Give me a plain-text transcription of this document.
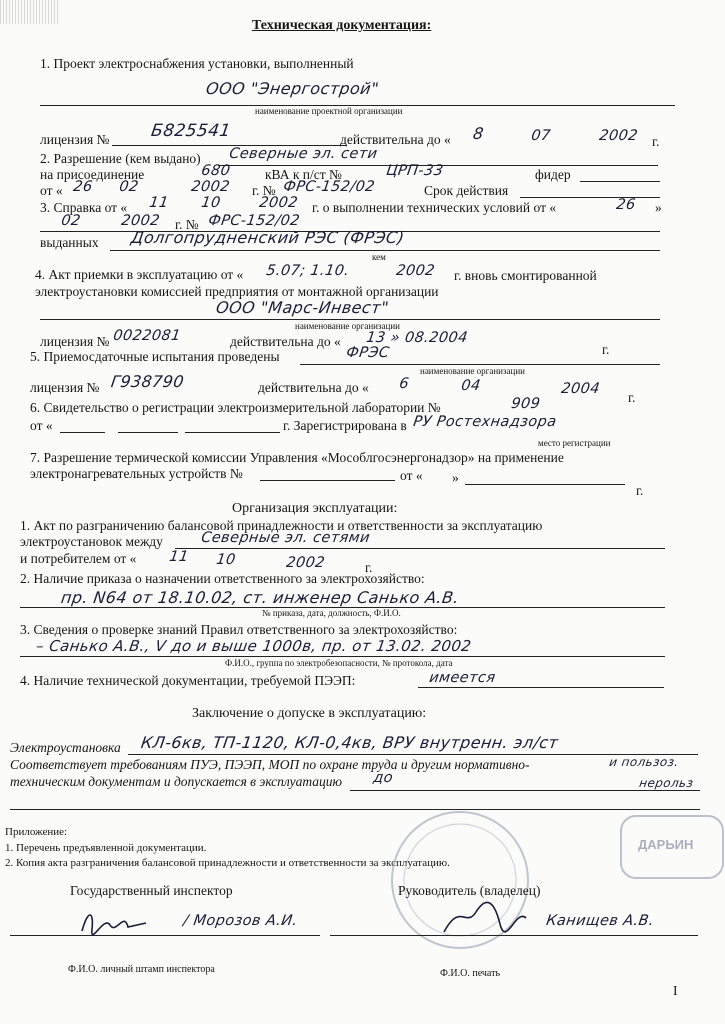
Техническая документация:
1. Проект электроснабжения установки, выполненный
ООО "Энергострой"
наименование проектной организации
лицензия № Б825541	действительна до « 8	07	2002 г.
2. Разрешение (кем выдано) Северные эл. сети
на присоединение	680 кВА к п/ст №	ЦРП-33	фидер
от « 26 02	2002 г. № ФРС-152/02	Срок действия
3. Справка от « 11 10	2002 г. о выполнении технических условий от «	26 »
02	2002 г. № ФРС-152/02
выданных Долгопрудненский РЭС (ФРЭС)
кем
4. Акт приемки в эксплуатацию от « 5.07; 1.10.	2002 г. вновь смонтированной
электроустановки комиссией предприятия от монтажной организации
ООО "Марс-Инвест"
наименование организации
лицензия № 0022081	действительна до « 13 » 08.2004
г.
5. Приемосдаточные испытания проведены	ФРЭС
наименование организации
лицензия № Г938790	действительна до « 6	04	2004
г.
6. Свидетельство о регистрации электроизмерительной лаборатории №	909
от «	г. Зарегистрирована в РУ Ростехнадзора
место регистрации
7. Разрешение термической комиссии Управления «Мособлгосэнергонадзор» на применение
электронагревательных устройств №	от « »
г.
Организация эксплуатации:
1. Акт по разграничению балансовой принадлежности и ответственности за эксплуатацию
электроустановок между	Северные эл. сетями
и потребителем от « 11 10	2002	г.
2. Наличие приказа о назначении ответственного за электрохозяйство:
пр. N64 от 18.10.02, ст. инженер Санько А.В.
№ приказа, дата, должность, Ф.И.О.
3. Сведения о проверке знаний Правил ответственного за электрохозяйство:
– Санько А.В., V до и выше 1000в, пр. от 13.02. 2002
Ф.И.О., группа по электробезопасности, № протокола, дата
4. Наличие технической документации, требуемой ПЭЭП:	имеется
Заключение о допуске в эксплуатацию:
Электроустановка КЛ-6кв, ТП-1120, КЛ-0,4кв, ВРУ внутренн. эл/ст
Соответствует требованиям ПУЭ, ПЭЭП, МОП по охране труда и другим нормативно-	и пользоз.
техническим документам и допускается в эксплуатацию до	нерольз
Приложение:
1. Перечень предъявленной документации.
2. Копия акта разграничения балансовой принадлежности и ответственности за эксплуатацию.
ДАРЬИН
Государственный инспектор	Руководитель (владелец)
/ Морозов А.И.	Канищев А.В.
Ф.И.О. личный штамп инспектора	Ф.И.О. печать
I
